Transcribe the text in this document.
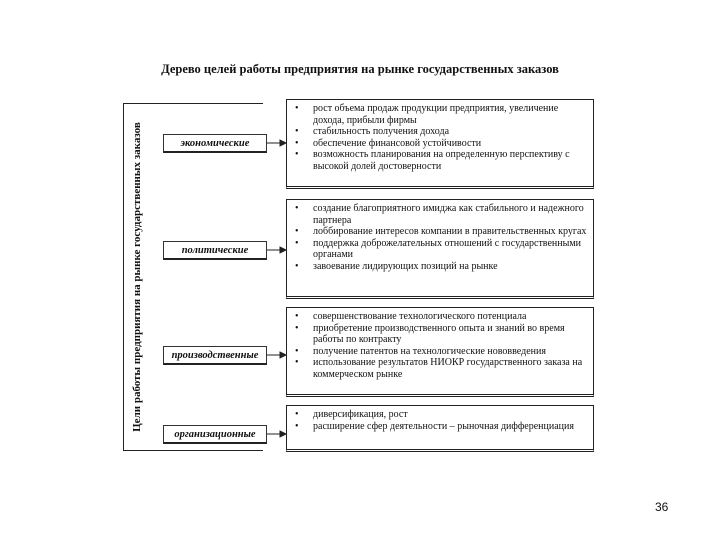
Дерево целей работы предприятия на рынке государственных заказов
Цели работы предприятия на рынке государственных заказов	экономические
политические
производственные
организационные
• рост объема продаж продукции предприятия, увеличение дохода, прибыли фирмы
• стабильность получения дохода
• обеспечение финансовой устойчивости
• возможность планирования на определенную перспективу с высокой долей достоверности
• создание благоприятного имиджа как стабильного и надежного партнера
• лоббирование интересов компании в правительственных кругах
• поддержка доброжелательных отношений с государственными органами
• завоевание лидирующих позиций на рынке
• совершенствование технологического потенциала
• приобретение производственного опыта и знаний во время работы по контракту
• получение патентов на технологические нововведения
• использование результатов НИОКР государственного заказа на коммерческом рынке
• диверсификация, рост
• расширение сфер деятельности – рыночная дифференциация
36
